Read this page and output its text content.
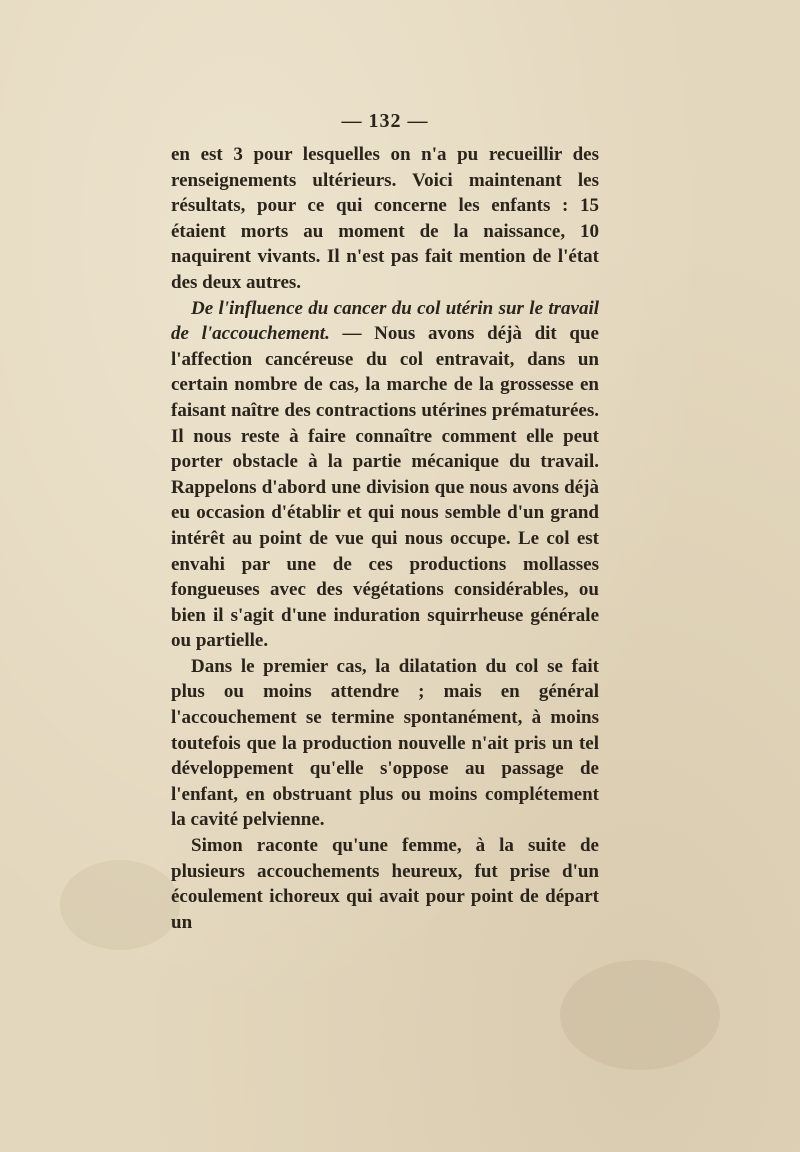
— 132 —

en est 3 pour lesquelles on n'a pu recueillir des renseignements ultérieurs. Voici maintenant les résultats, pour ce qui concerne les enfants : 15 étaient morts au moment de la naissance, 10 naquirent vivants. Il n'est pas fait mention de l'état des deux autres.

De l'influence du cancer du col utérin sur le travail de l'accouchement. — Nous avons déjà dit que l'affection cancéreuse du col entravait, dans un certain nombre de cas, la marche de la grossesse en faisant naître des contractions utérines prématurées. Il nous reste à faire connaître comment elle peut porter obstacle à la partie mécanique du travail. Rappelons d'abord une division que nous avons déjà eu occasion d'établir et qui nous semble d'un grand intérêt au point de vue qui nous occupe. Le col est envahi par une de ces productions mollasses fongueuses avec des végétations considérables, ou bien il s'agit d'une induration squirrheuse générale ou partielle.

Dans le premier cas, la dilatation du col se fait plus ou moins attendre ; mais en général l'accouchement se termine spontanément, à moins toutefois que la production nouvelle n'ait pris un tel développement qu'elle s'oppose au passage de l'enfant, en obstruant plus ou moins complétement la cavité pelvienne.

Simon raconte qu'une femme, à la suite de plusieurs accouchements heureux, fut prise d'un écoulement ichoreux qui avait pour point de départ un
